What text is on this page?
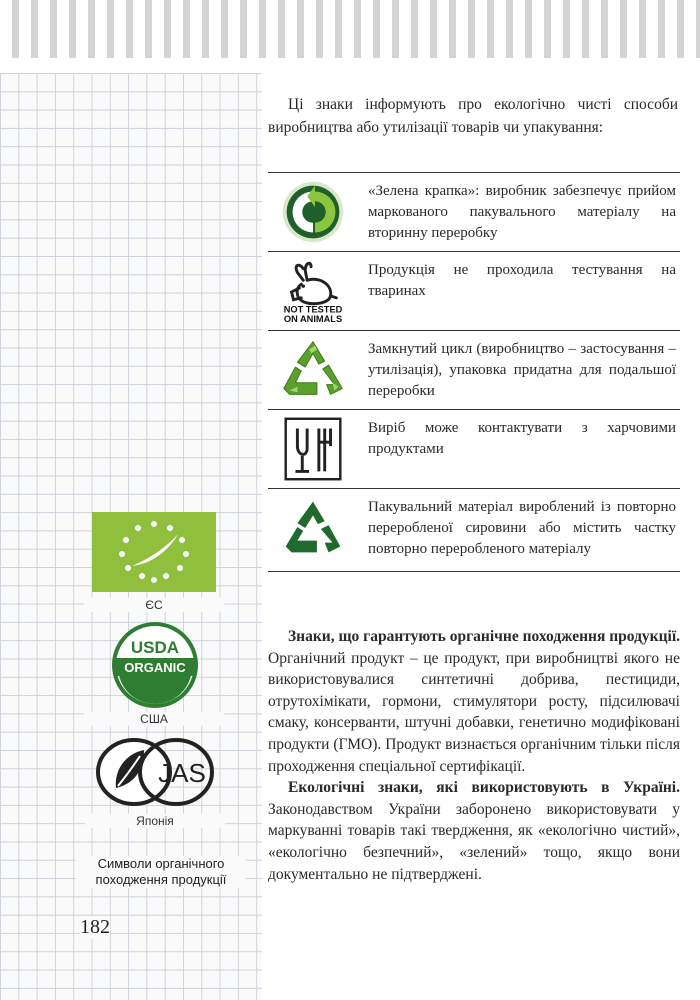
Ці знаки інформують про екологічно чисті способи виробництва або утилізації товарів чи упакування:

«Зелена крапка»: виробник забезпечує прийом маркованого пакувального матеріалу на вторинну переробку

NOT TESTED
ON ANIMALS

Продукція не проходила тестування на тваринах

Замкнутий цикл (виробництво – застосування – утилізація), упаковка придатна для подальшої переробки

Виріб може контактувати з харчовими продуктами

Пакувальний матеріал вироблений із повторно переробленої сировини або містить частку повторно переробленого матеріалу

ЄС
USDA
ORGANIC
США
JAS
Японія
Символи органічного походження продукції

Знаки, що гарантують органічне походження продукції. Органічний продукт – це продукт, при виробництві якого не використовувалися синтетичні добрива, пестициди, отрутохімікати, гормони, стимулятори росту, підсилювачі смаку, консерванти, штучні добавки, генетично модифіковані продукти (ГМО). Продукт визнається органічним тільки після проходження спеціальної сертифікації.

Екологічні знаки, які використовують в Україні. Законодавством України заборонено використовувати у маркуванні товарів такі твердження, як «екологічно чистий», «екологічно безпечний», «зелений» тощо, якщо вони документально не підтверджені.

182
